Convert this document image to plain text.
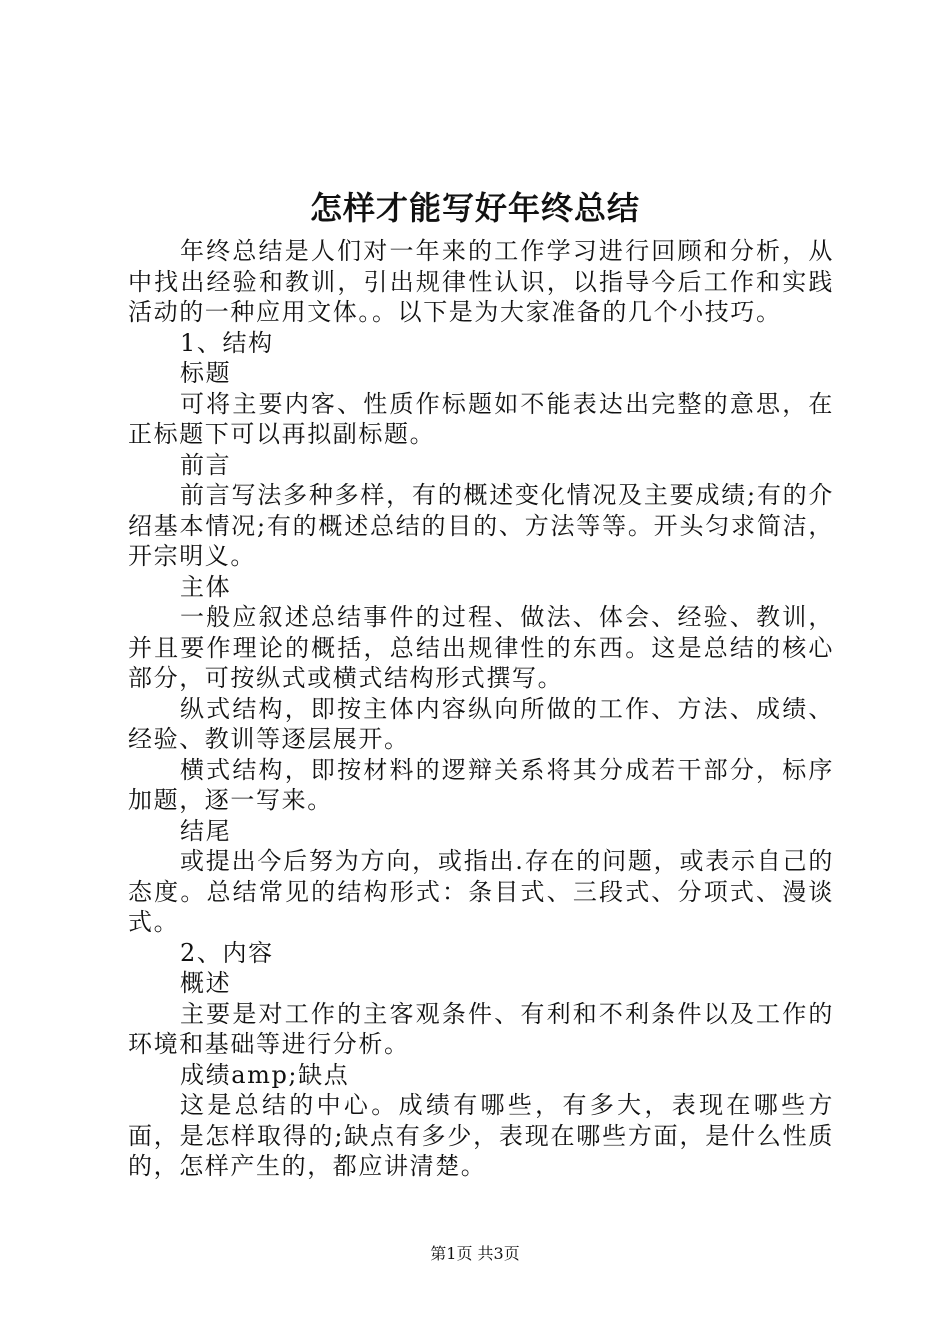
怎样才能写好年终总结

年终总结是人们对一年来的工作学习进行回顾和分析，从中找出经验和教训，引出规律性认识，以指导今后工作和实践活动的一种应用文体。。以下是为大家准备的几个小技巧。

1、结构

标题

可将主要内客、性质作标题如不能表达出完整的意思，在正标题下可以再拟副标题。

前言

前言写法多种多样，有的概述变化情况及主要成绩;有的介绍基本情况;有的概述总结的目的、方法等等。开头匀求简洁，开宗明义。

主体

一般应叙述总结事件的过程、做法、体会、经验、教训，并且要作理论的概括，总结出规律性的东西。这是总结的核心部分，可按纵式或横式结构形式撰写。

纵式结构，即按主体内容纵向所做的工作、方法、成绩、经验、教训等逐层展开。

横式结构，即按材料的逻辩关系将其分成若干部分，标序加题，逐一写来。

结尾

或提出今后努为方向，或指出.存在的问题，或表示自己的态度。总结常见的结构形式：条目式、三段式、分项式、漫谈式。

2、内容

概述

主要是对工作的主客观条件、有利和不利条件以及工作的环境和基础等进行分析。

成绩amp;缺点

这是总结的中心。成绩有哪些，有多大，表现在哪些方面，是怎样取得的;缺点有多少，表现在哪些方面，是什么性质的，怎样产生的，都应讲清楚。

第1页 共3页
